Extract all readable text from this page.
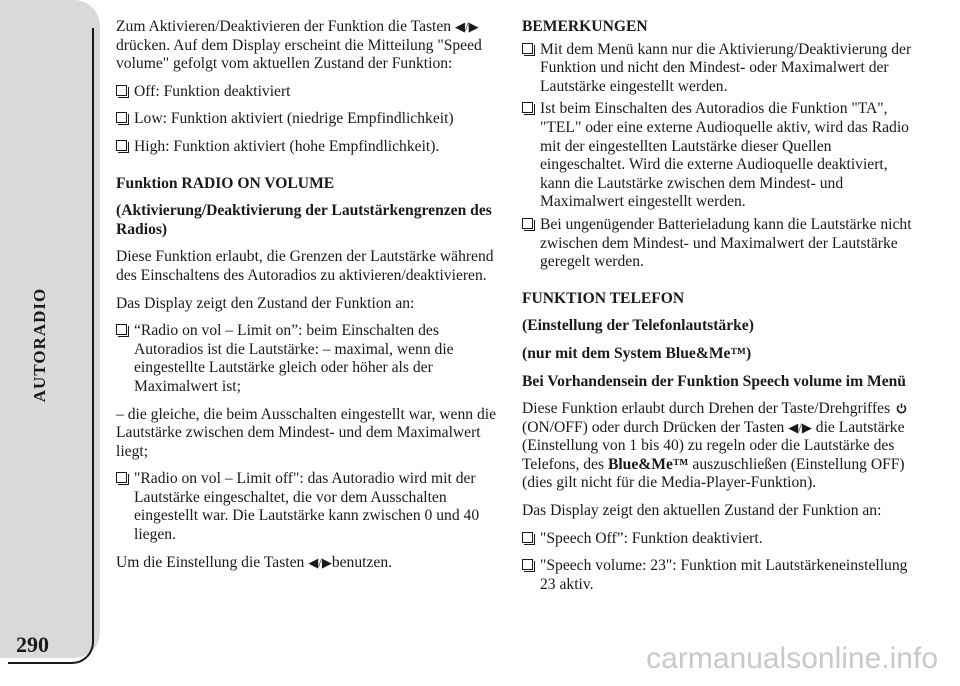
AUTORADIO
290

Zum Aktivieren/Deaktivieren der Funktion die Tasten ◀/▶ drücken. Auf dem Display erscheint die Mitteilung "Speed volume" gefolgt vom aktuellen Zustand der Funktion:

Off: Funktion deaktiviert
Low: Funktion aktiviert (niedrige Empfindlichkeit)
High: Funktion aktiviert (hohe Empfindlichkeit).

Funktion RADIO ON VOLUME

(Aktivierung/Deaktivierung der Lautstärkengrenzen des Radios)

Diese Funktion erlaubt, die Grenzen der Lautstärke während des Einschaltens des Autoradios zu aktivieren/deaktivieren.

Das Display zeigt den Zustand der Funktion an:

“Radio on vol – Limit on”: beim Einschalten des Autoradios ist die Lautstärke: – maximal, wenn die eingestellte Lautstärke gleich oder höher als der Maximalwert ist;

– die gleiche, die beim Ausschalten eingestellt war, wenn die Lautstärke zwischen dem Mindest- und dem Maximalwert liegt;

"Radio on vol – Limit off": das Autoradio wird mit der Lautstärke eingeschaltet, die vor dem Ausschalten eingestellt war. Die Lautstärke kann zwischen 0 und 40 liegen.

Um die Einstellung die Tasten ◀/▶benutzen.

BEMERKUNGEN

Mit dem Menü kann nur die Aktivierung/Deaktivierung der Funktion und nicht den Mindest- oder Maximalwert der Lautstärke eingestellt werden.
Ist beim Einschalten des Autoradios die Funktion "TA", "TEL" oder eine externe Audioquelle aktiv, wird das Radio mit der eingestellten Lautstärke dieser Quellen eingeschaltet. Wird die externe Audioquelle deaktiviert, kann die Lautstärke zwischen dem Mindest- und Maximalwert eingestellt werden.
Bei ungenügender Batterieladung kann die Lautstärke nicht zwischen dem Mindest- und Maximalwert der Lautstärke geregelt werden.

FUNKTION TELEFON

(Einstellung der Telefonlautstärke)

(nur mit dem System Blue&Me™)

Bei Vorhandensein der Funktion Speech volume im Menü

Diese Funktion erlaubt durch Drehen der Taste/Drehgriffes (ON/OFF) oder durch Drücken der Tasten ◀/▶ die Lautstärke (Einstellung von 1 bis 40) zu regeln oder die Lautstärke des Telefons, des Blue&Me™ auszuschließen (Einstellung OFF) (dies gilt nicht für die Media-Player-Funktion).

Das Display zeigt den aktuellen Zustand der Funktion an:

"Speech Off”: Funktion deaktiviert.
"Speech volume: 23": Funktion mit Lautstärkeneinstellung 23 aktiv.
carmanualsonline.info
